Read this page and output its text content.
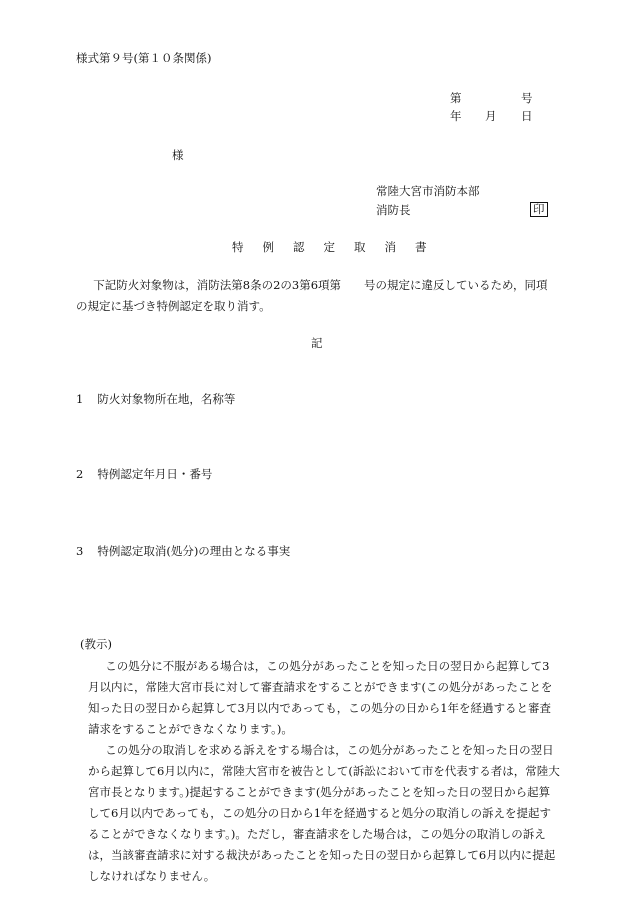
様式第９号(第１０条関係)
第	号
年 月 日
様
常陸大宮市消防本部
消防長	印
特 例 認 定 取 消 書
下記防火対象物は，消防法第8条の2の3第6項第　　号の規定に違反しているため，同項の規定に基づき特例認定を取り消す。
記
1 防火対象物所在地，名称等
2 特例認定年月日・番号
3 特例認定取消(処分)の理由となる事実
(教示)
この処分に不服がある場合は，この処分があったことを知った日の翌日から起算して3月以内に，常陸大宮市長に対して審査請求をすることができます(この処分があったことを知った日の翌日から起算して3月以内であっても，この処分の日から1年を経過すると審査請求をすることができなくなります。)。
この処分の取消しを求める訴えをする場合は，この処分があったことを知った日の翌日から起算して6月以内に，常陸大宮市を被告として(訴訟において市を代表する者は，常陸大宮市長となります。)提起することができます(処分があったことを知った日の翌日から起算して6月以内であっても，この処分の日から1年を経過すると処分の取消しの訴えを提起することができなくなります。)。ただし，審査請求をした場合は，この処分の取消しの訴えは，当該審査請求に対する裁決があったことを知った日の翌日から起算して6月以内に提起しなければなりません。
